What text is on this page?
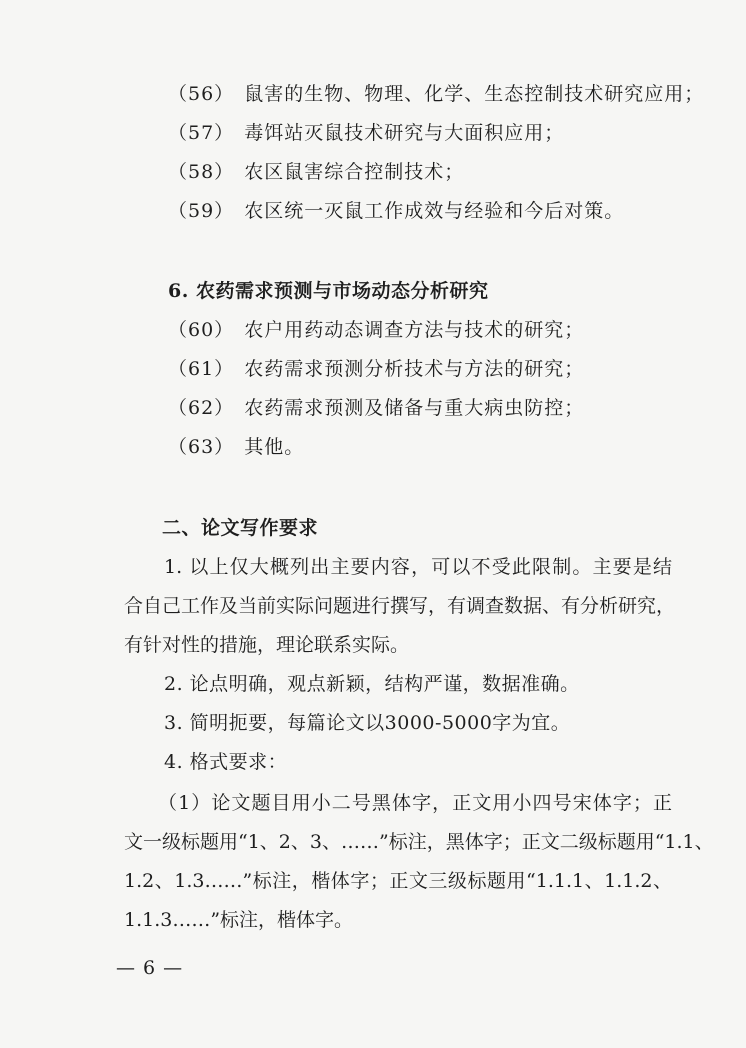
（56） 鼠害的生物、物理、化学、生态控制技术研究应用；
（57） 毒饵站灭鼠技术研究与大面积应用；
（58） 农区鼠害综合控制技术；
（59） 农区统一灭鼠工作成效与经验和今后对策。
6. 农药需求预测与市场动态分析研究
（60） 农户用药动态调查方法与技术的研究；
（61） 农药需求预测分析技术与方法的研究；
（62） 农药需求预测及储备与重大病虫防控；
（63） 其他。
二、论文写作要求
1. 以上仅大概列出主要内容，可以不受此限制。主要是结
合自己工作及当前实际问题进行撰写，有调查数据、有分析研究，
有针对性的措施，理论联系实际。
2. 论点明确，观点新颖，结构严谨，数据准确。
3. 简明扼要，每篇论文以3000-5000字为宜。
4. 格式要求：
（1）论文题目用小二号黑体字，正文用小四号宋体字；正
文一级标题用“1、2、3、……”标注，黑体字；正文二级标题用“1.1、
1.2、1.3……”标注，楷体字；正文三级标题用“1.1.1、1.1.2、
1.1.3……”标注，楷体字。
— 6 —
